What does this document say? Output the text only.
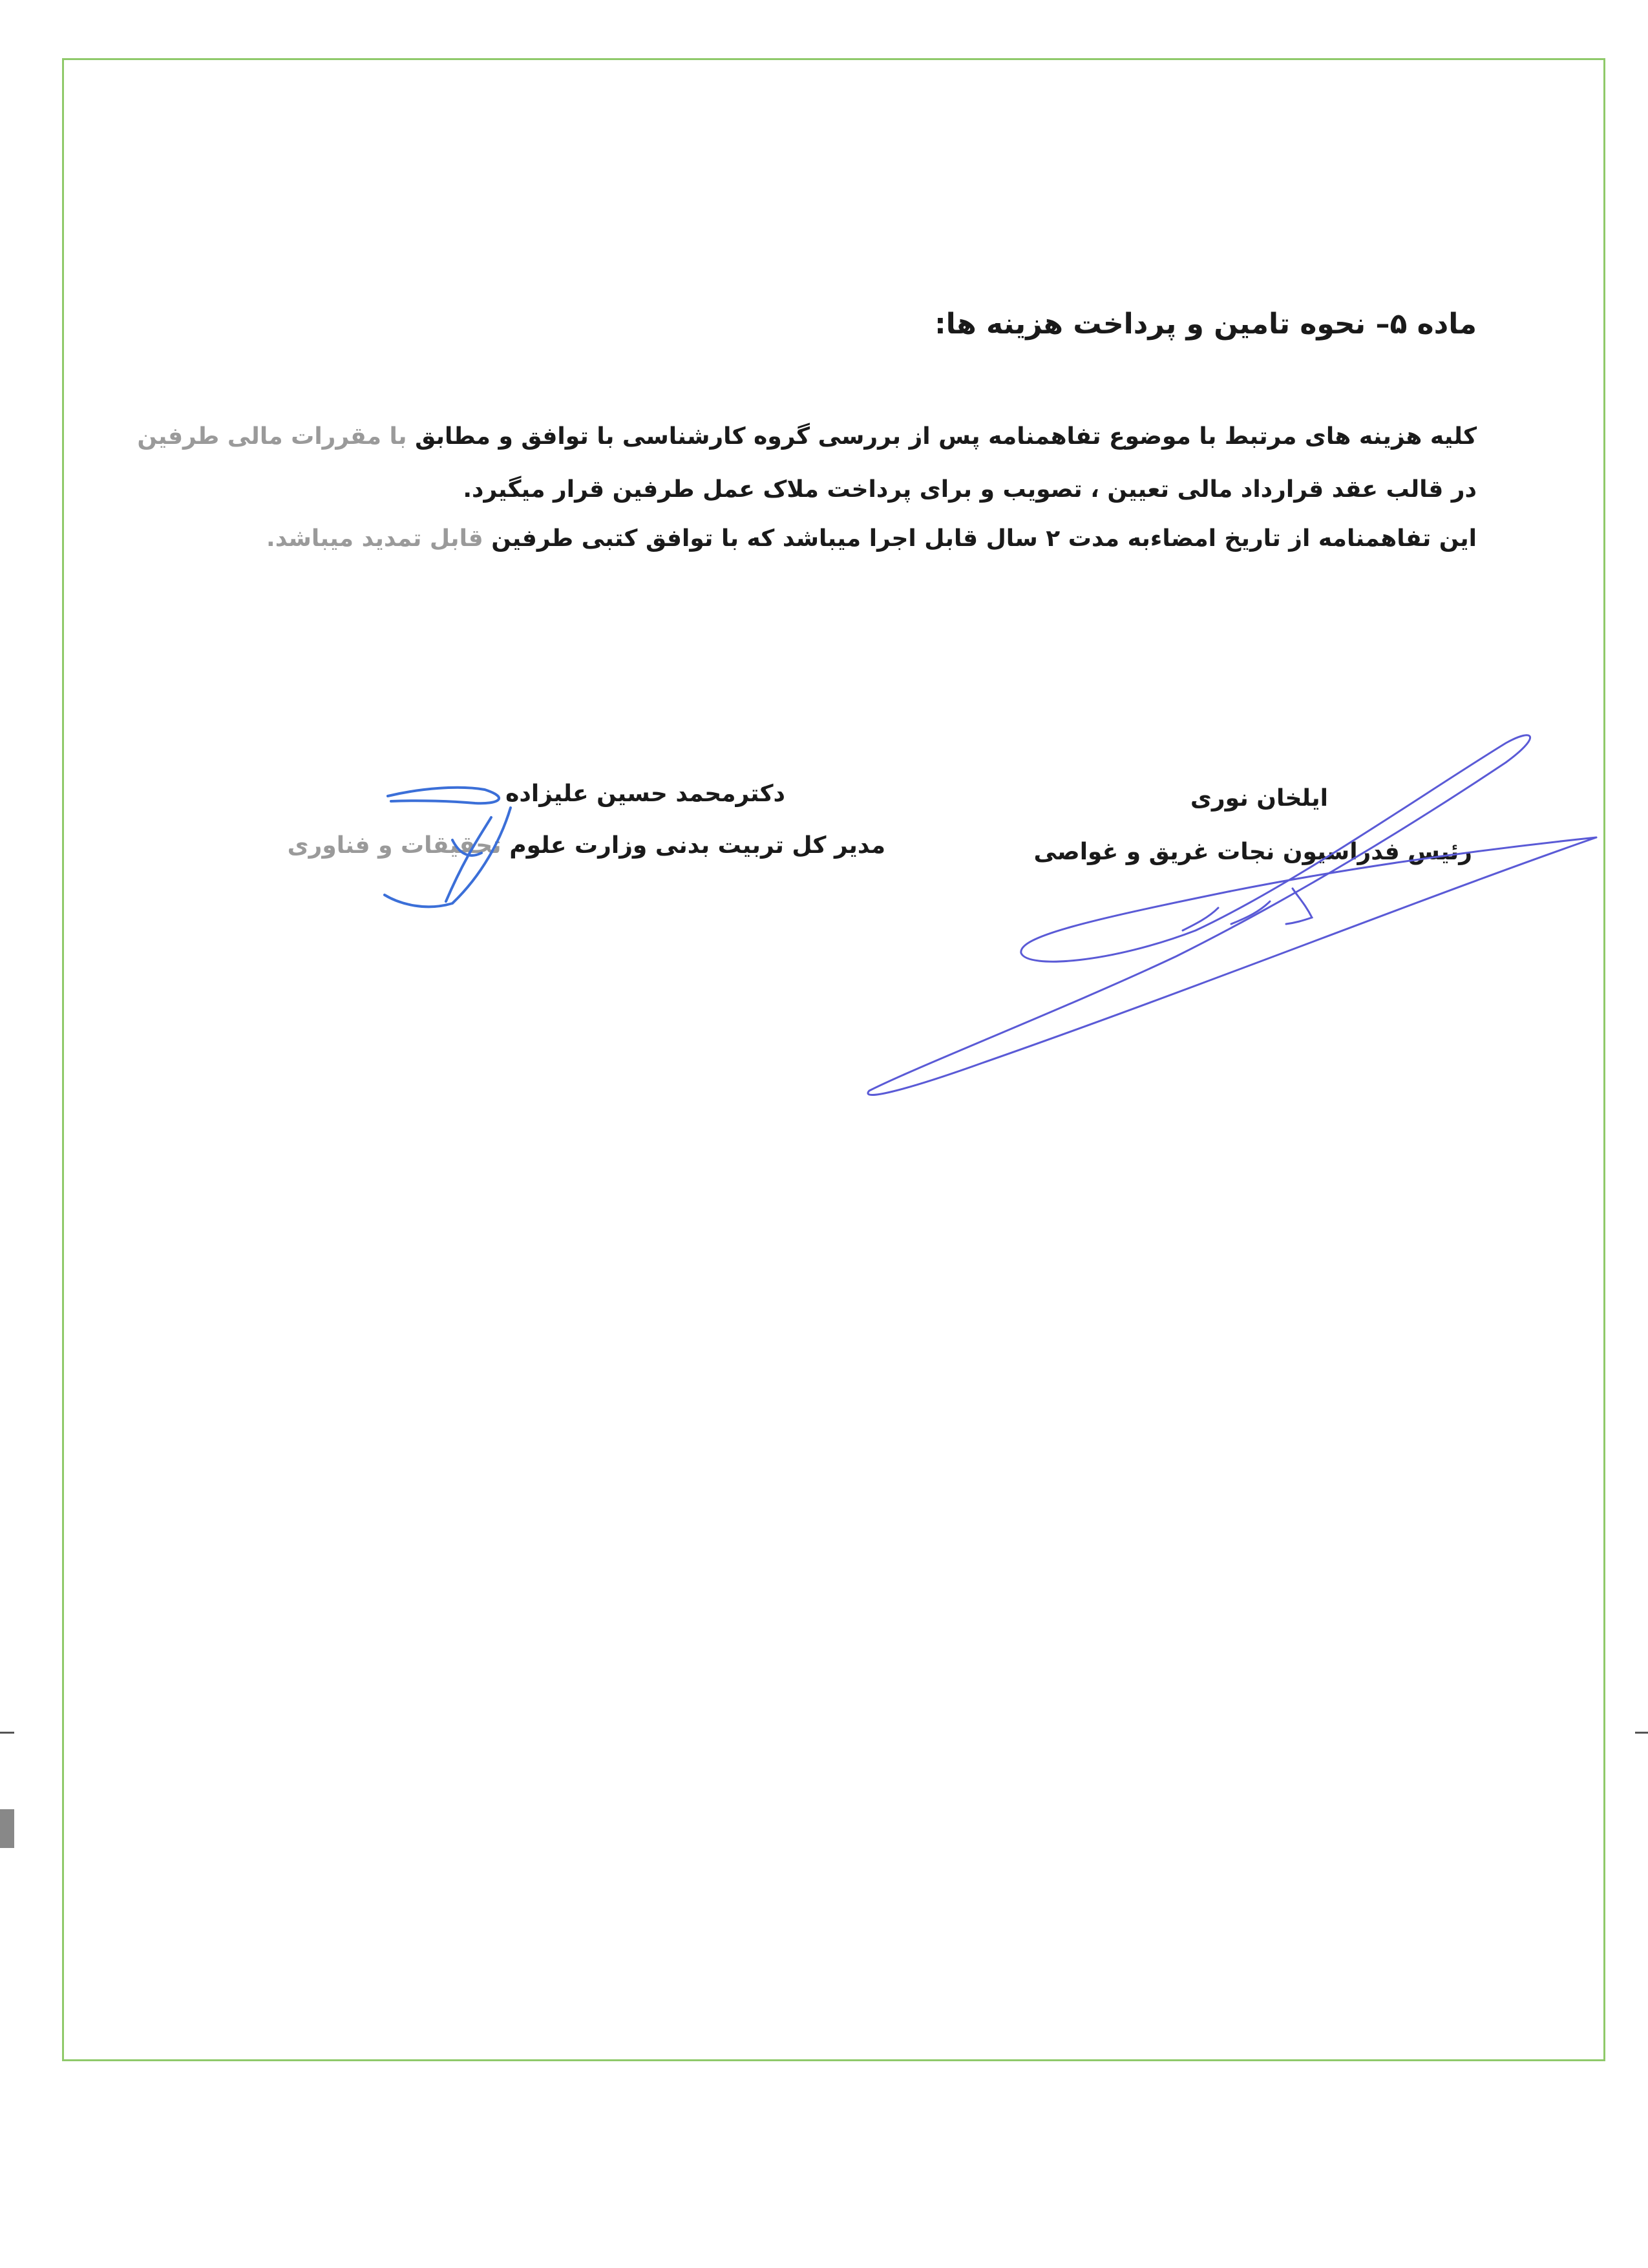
ماده ۵– نحوه تامین و پرداخت هزینه ها:
کلیه هزینه های مرتبط با موضوع تفاهمنامه پس از بررسی گروه کارشناسی با توافق و مطابق با مقررات مالی طرفین
در قالب عقد قرارداد مالی تعیین ، تصویب و برای پرداخت ملاک عمل طرفین قرار میگیرد.
این تفاهمنامه از تاریخ امضاءبه مدت ۲ سال قابل اجرا میباشد که با توافق کتبی طرفین قابل تمدید میباشد.
ایلخان نوری
رئیس فدراسیون نجات غریق و غواصی
دکترمحمد حسین علیزاده
مدیر کل تربیت بدنی وزارت علوم تحقیقات و فناوری
